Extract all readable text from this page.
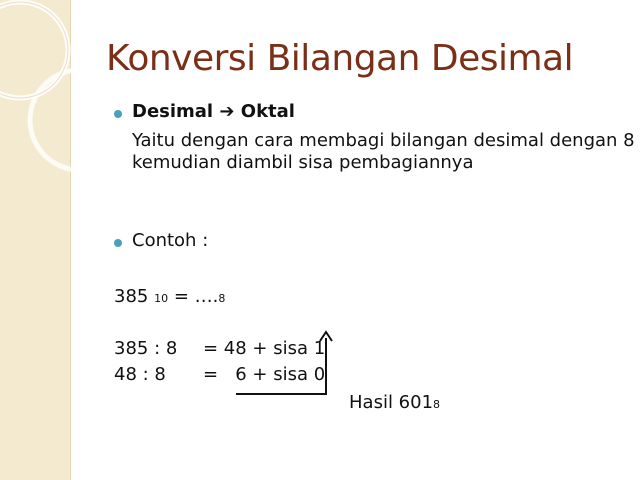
Konversi Bilangan Desimal
Desimal ➔ Oktal
Yaitu dengan cara membagi bilangan desimal dengan 8
kemudian diambil sisa pembagiannya
Contoh :
385 10 = ….8
385 : 8 = 48 + sisa 1
48 : 8 =   6 + sisa 0
Hasil 6018
